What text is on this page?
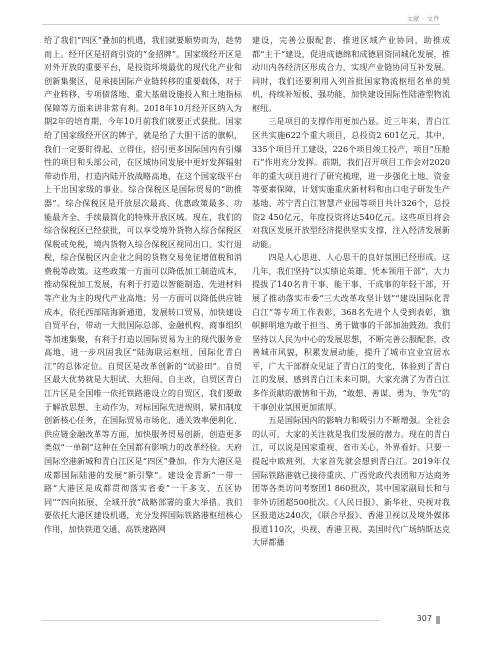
文献 · 文件

给了我们“四区”叠加的机遇，我们就要顺势而为，趁势而上。经开区是招商引资的“金招牌”。国家级经开区是对外开放的重要平台，是投资环境最优的现代化产业和创新集聚区，是承接国际产业链转移的重要载体，对于产业转移、专项债落地、重大基础设施投入和土地指标保障等方面来讲非常有利。2018年10月经开区纳入为期2年的培育期，今年10月前我们就要正式获批。国家给了国家级经开区的牌子，就是给了大胆干活的旗帜，我们一定要盯得起、立得住，招引更多国际国内有引爆性的项目和头部公司，在区域协同发展中更好发挥辐射带动作用，打造内陆开放战略高地，在这个国家级平台上干出国家级的事业。综合保税区是国际贸易的“助推器”。综合保税区是开放层次最高、优惠政策最多、功能最齐全、手续最简化的特殊开放区域。现在，我们的综合保税区已经获批，可以享受境外货物入综合保税区保税或免税，境内货物入综合保税区视同出口、实行退税，综合保税区内企业之间的货物交易免征增值税和消费税等政策。这些政策一方面可以降低加工制造成本，推动保税加工发展，有利于打造以智能制造、先进材料等产业为主的现代产业高地；另一方面可以降低供应链成本，依托西部陆海新通道，发展转口贸易，加快建设自贸平台，带动一大批国际总部、金融机构、商事组织等加速集聚，有利于打造以国际贸易为主的现代服务业高地，进一步巩固我区“陆海联运枢纽、国际化青白江”的总体定位。自贸区是改革创新的“试验田”。自贸区最大优势就是大胆试、大胆闯、自主改，自贸区青白江片区是全国唯一依托铁路港设立的自贸区，我们要敢于解放思想、主动作为，对标国际先进规则，紧扣制度创新核心任务，在国际贸易市场化、通关效率便利化、供应链金融改革等方面，加快服务贸易创新，创造更多类似“一单制”这种在全国都有影响力的改革经验。天府国际空港新城和青白江区是“四区”叠加，作为大港区是成都国际陆港的发展“新引擎”。建设金青新“一带一路”大港区是成都贯彻落实省委“一干多支、五区协同”“四向拓展、全域开放”战略部署的重大举措。我们要依托大港区建设机遇，充分发挥国际铁路港枢纽核心作用，加快铁道交通、高铁速路网

建设，完善公服配套，推进区域产业协同，助推成都“主干”建设，促进成德绵和成德眉资同城化发展，推动川内各经济区形成合力，实现产业链协同互补发展。同时，我们还要利用入列首批国家物流枢纽名单的契机，持续补短板、强功能，加快建设国际性陆港型物流枢纽。

三是项目的支撑作用更加凸显。近三年来，青白江区共实施622个重大项目，总投资2 601亿元，其中，335个项目开工建设，226个项目竣工投产，项目“压舱石”作用充分发挥。前期，我们召开项目工作会对2020年的重大项目进行了研究梳理，进一步强化土地、资金等要素保障，计划实施重庆新材料和由口电子研发生产基地、苏宁青白江智慧产业园等项目共计326个，总投资2 450亿元，年度投资将达540亿元。这些项目将会对我区发展开放型经济提供坚实支撑，注入经济发展新动能。

四是人心思进、人心思干的良好氛围已经形成。这几年，我们坚持“以实绩论英雄、凭本领用干部”，大力提拔了140名肯干事、能干事、干成事的年轻干部，开展了推动落实市委“三大改革攻坚计划”“建设国际化青白江”等专项工作表彰，368名先进个人受到表彰，旗帜鲜明地为敢于担当、勇于做事的干部加油鼓劲。我们坚持以人民为中心的发展思想，不断完善公服配套，改善城市风貌，积累发展动能，提升了城市宜业宜居水平，广大干部群众见证了青白江的变化，体验到了青白江的发展、感到青白江未来可期，大家充满了为青白江多作贡献的激情和干劲，“敢想、善谋、勇为、争先”的干事创业氛围更加浓厚。

五是国际国内的影响力和吸引力不断增强。全社会的认可，大家的关注就是我们发展的潜力。现在的青白江，可以说是国家重视、省市关心，外界看好。只要一提起中欧班列，大家首先就会想到青白江。2019年仅国际铁路港就已接待重庆、广西党政代表团和万达商务团等各类访问考察团1 860批次，其中国家副局长和与非外访团超500批次。《人民日报》、新华社、央视对我区报道达240次，《联合早报》、香港卫视以及境外媒体报道110次，央视、香港卫视、美国时代广场纳斯达克大屏都播

307
